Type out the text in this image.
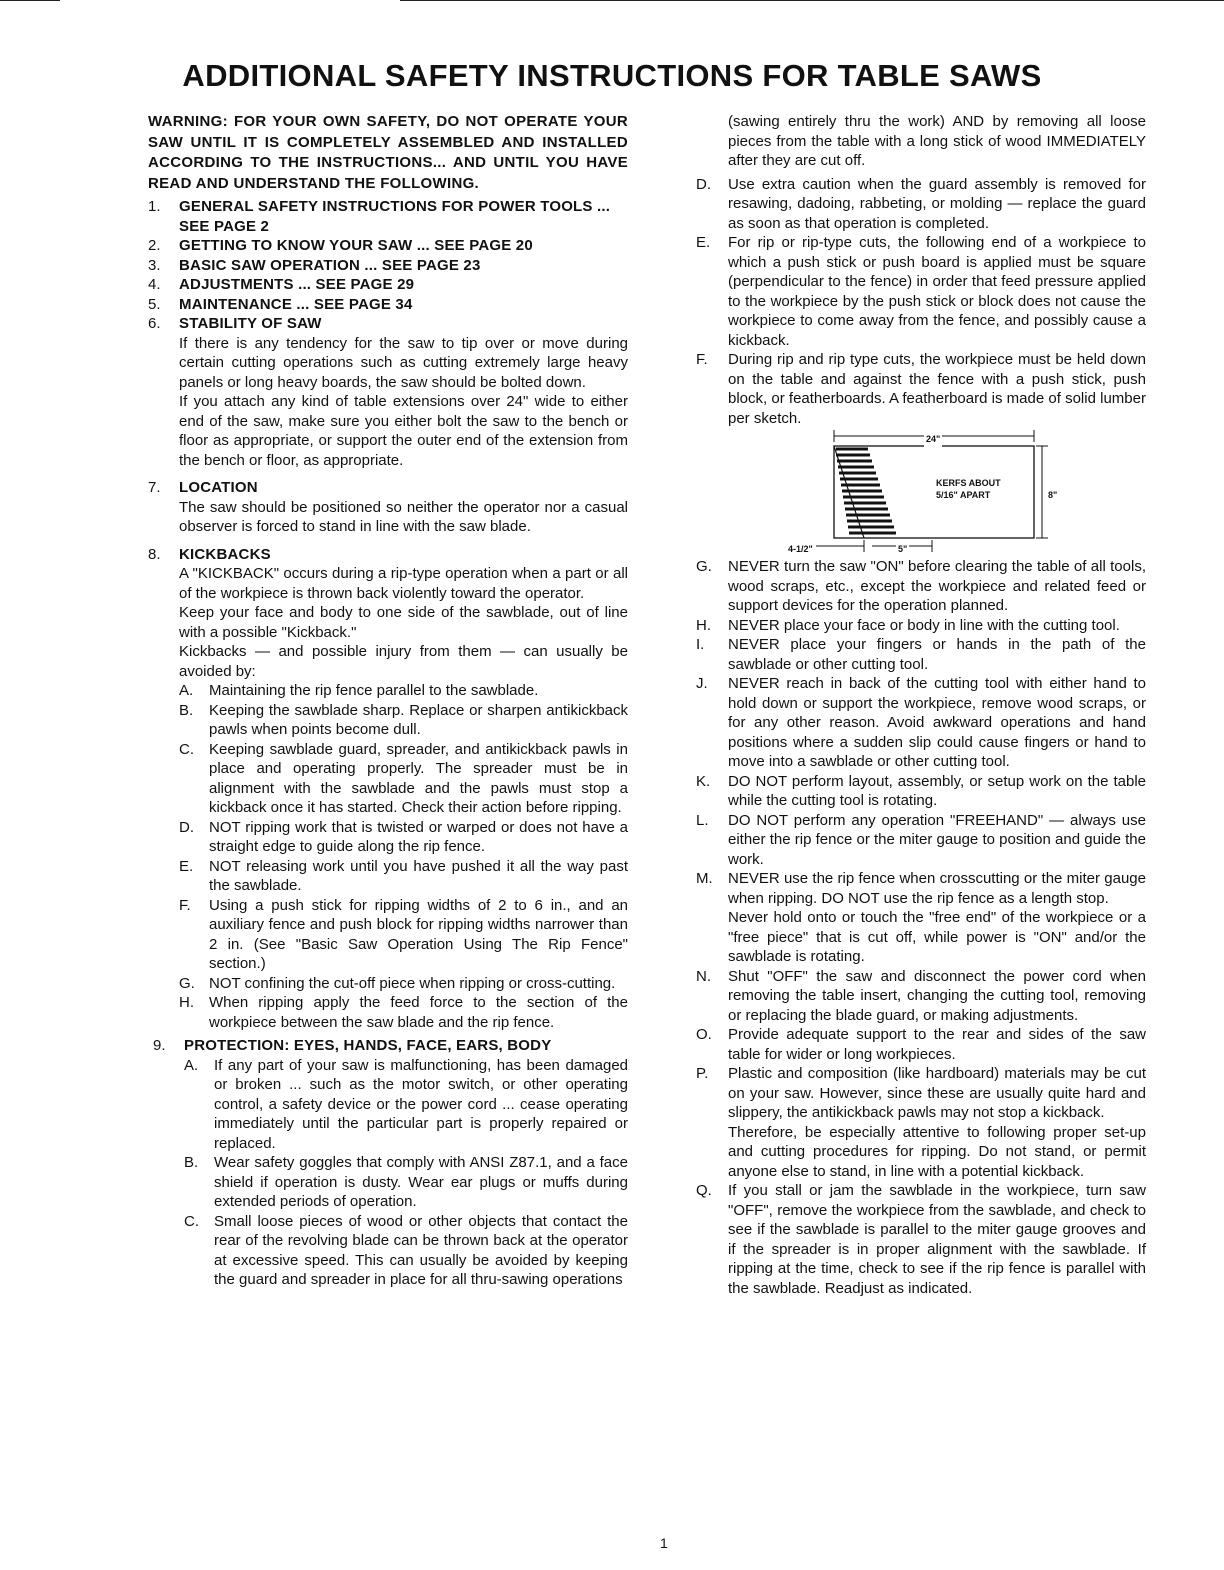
ADDITIONAL SAFETY INSTRUCTIONS FOR TABLE SAWS
WARNING: FOR YOUR OWN SAFETY, DO NOT OPERATE YOUR SAW UNTIL IT IS COMPLETELY ASSEMBLED AND INSTALLED ACCORDING TO THE INSTRUCTIONS... AND UNTIL YOU HAVE READ AND UNDERSTAND THE FOLLOWING.
1. GENERAL SAFETY INSTRUCTIONS FOR POWER TOOLS ... SEE PAGE 2
2. GETTING TO KNOW YOUR SAW ... SEE PAGE 20
3. BASIC SAW OPERATION ... SEE PAGE 23
4. ADJUSTMENTS ... SEE PAGE 29
5. MAINTENANCE ... SEE PAGE 34
6. STABILITY OF SAW
If there is any tendency for the saw to tip over or move during certain cutting operations such as cutting extremely large heavy panels or long heavy boards, the saw should be bolted down.
If you attach any kind of table extensions over 24" wide to either end of the saw, make sure you either bolt the saw to the bench or floor as appropriate, or support the outer end of the extension from the bench or floor, as appropriate.
7. LOCATION
The saw should be positioned so neither the operator nor a casual observer is forced to stand in line with the saw blade.
8. KICKBACKS
A "KICKBACK" occurs during a rip-type operation when a part or all of the workpiece is thrown back violently toward the operator.
Keep your face and body to one side of the sawblade, out of line with a possible "Kickback."
Kickbacks — and possible injury from them — can usually be avoided by:
A. Maintaining the rip fence parallel to the sawblade.
B. Keeping the sawblade sharp. Replace or sharpen antikickback pawls when points become dull.
C. Keeping sawblade guard, spreader, and antikickback pawls in place and operating properly. The spreader must be in alignment with the sawblade and the pawls must stop a kickback once it has started. Check their action before ripping.
D. NOT ripping work that is twisted or warped or does not have a straight edge to guide along the rip fence.
E. NOT releasing work until you have pushed it all the way past the sawblade.
F. Using a push stick for ripping widths of 2 to 6 in., and an auxiliary fence and push block for ripping widths narrower than 2 in. (See "Basic Saw Operation Using The Rip Fence" section.)
G. NOT confining the cut-off piece when ripping or cross-cutting.
H. When ripping apply the feed force to the section of the workpiece between the saw blade and the rip fence.
9. PROTECTION: EYES, HANDS, FACE, EARS, BODY
A. If any part of your saw is malfunctioning, has been damaged or broken ... such as the motor switch, or other operating control, a safety device or the power cord ... cease operating immediately until the particular part is properly repaired or replaced.
B. Wear safety goggles that comply with ANSI Z87.1, and a face shield if operation is dusty. Wear ear plugs or muffs during extended periods of operation.
C. Small loose pieces of wood or other objects that contact the rear of the revolving blade can be thrown back at the operator at excessive speed. This can usually be avoided by keeping the guard and spreader in place for all thru-sawing operations
(sawing entirely thru the work) AND by removing all loose pieces from the table with a long stick of wood IMMEDIATELY after they are cut off.
D. Use extra caution when the guard assembly is removed for resawing, dadoing, rabbeting, or molding — replace the guard as soon as that operation is completed.
E. For rip or rip-type cuts, the following end of a workpiece to which a push stick or push board is applied must be square (perpendicular to the fence) in order that feed pressure applied to the workpiece by the push stick or block does not cause the workpiece to come away from the fence, and possibly cause a kickback.
F. During rip and rip type cuts, the workpiece must be held down on the table and against the fence with a push stick, push block, or featherboards. A featherboard is made of solid lumber per sketch.
24"
KERFS ABOUT
5/16" APART	8"
4-1/2"	5"
G. NEVER turn the saw "ON" before clearing the table of all tools, wood scraps, etc., except the workpiece and related feed or support devices for the operation planned.
H. NEVER place your face or body in line with the cutting tool.
I. NEVER place your fingers or hands in the path of the sawblade or other cutting tool.
J. NEVER reach in back of the cutting tool with either hand to hold down or support the workpiece, remove wood scraps, or for any other reason. Avoid awkward operations and hand positions where a sudden slip could cause fingers or hand to move into a sawblade or other cutting tool.
K. DO NOT perform layout, assembly, or setup work on the table while the cutting tool is rotating.
L. DO NOT perform any operation "FREEHAND" — always use either the rip fence or the miter gauge to position and guide the work.
M. NEVER use the rip fence when crosscutting or the miter gauge when ripping. DO NOT use the rip fence as a length stop.
Never hold onto or touch the "free end" of the workpiece or a "free piece" that is cut off, while power is "ON" and/or the sawblade is rotating.
N. Shut "OFF" the saw and disconnect the power cord when removing the table insert, changing the cutting tool, removing or replacing the blade guard, or making adjustments.
O. Provide adequate support to the rear and sides of the saw table for wider or long workpieces.
P. Plastic and composition (like hardboard) materials may be cut on your saw. However, since these are usually quite hard and slippery, the antikickback pawls may not stop a kickback.
Therefore, be especially attentive to following proper set-up and cutting procedures for ripping. Do not stand, or permit anyone else to stand, in line with a potential kickback.
Q. If you stall or jam the sawblade in the workpiece, turn saw "OFF", remove the workpiece from the sawblade, and check to see if the sawblade is parallel to the miter gauge grooves and if the spreader is in proper alignment with the sawblade. If ripping at the time, check to see if the rip fence is parallel with the sawblade. Readjust as indicated.
1
